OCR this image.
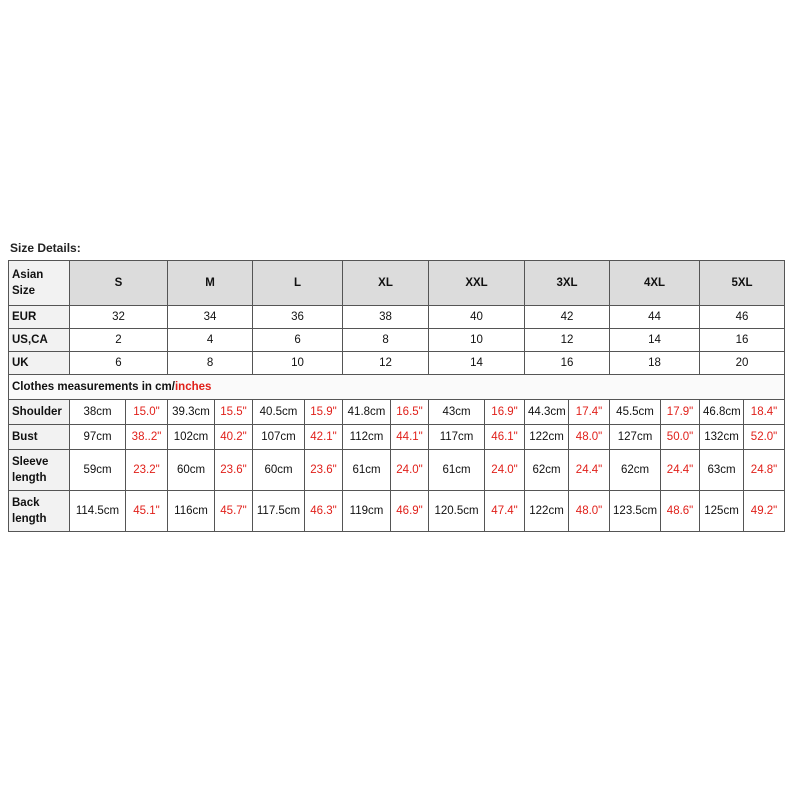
Size Details:
Asian Size	S		M		L		XL		XXL		3XL		4XL		5XL	
EUR	32		34		36		38		40		42		44		46	
US,CA	2		4		6		8		10		12		14		16	
UK	6		8		10		12		14		16		18		20	
Clothes measurements in cm/inches																
Shoulder	38cm	15.0"	39.3cm	15.5"	40.5cm	15.9"	41.8cm	16.5"	43cm	16.9"	44.3cm	17.4"	45.5cm	17.9"	46.8cm	18.4"
Bust	97cm	38..2"	102cm	40.2"	107cm	42.1"	112cm	44.1"	117cm	46.1"	122cm	48.0"	127cm	50.0"	132cm	52.0"
Sleeve length	59cm	23.2"	60cm	23.6"	60cm	23.6"	61cm	24.0"	61cm	24.0"	62cm	24.4"	62cm	24.4"	63cm	24.8"
Back length	114.5cm	45.1"	116cm	45.7"	117.5cm	46.3"	119cm	46.9"	120.5cm	47.4"	122cm	48.0"	123.5cm	48.6"	125cm	49.2"
